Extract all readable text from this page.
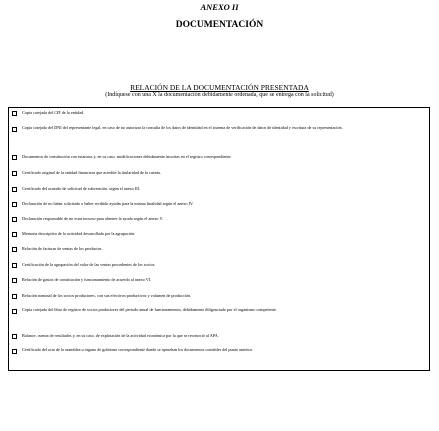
ANEXO II
DOCUMENTACIÓN
RELACIÓN DE LA DOCUMENTACIÓN PRESENTADA
(Indíquese con una X la documentación debidamente ordenada, que se entrega con la solicitud)
Copia cotejada del CIF de la entidad.
Copia cotejada del DNI del representante legal, en caso de no autorizar la consulta de los datos de identidad en el sistema de verificación de datos de identidad y escritura de su representación.
Documentos de constitución con estatutos y, en su caso, modificaciones debidamente inscritas en el registro correspondiente.
Certificado original de la entidad financiera que acredite la titularidad de la cuenta.
Certificado del acuerdo de solicitud de subvención, según el anexo III.
Declaración de no haber solicitado o haber recibido ayudas para la misma finalidad según el anexo IV.
Declaración responsable de no estar incurso para obtener la ayuda según el anexo V.
Memoria descriptiva de la actividad desarrollada por la agrupación.
Relación de facturas de ventas de los productos.
Certificación de la agrupación del valor de las ventas procedentes de los socios.
Relación de gastos de constitución y funcionamiento de acuerdo al anexo VI.
Relación nominal de los socios productores, con sus efectivos productivos y volumen de producción.
Copia cotejada del libro de registro de socios productores del periodo anual de funcionamiento, debidamente diligenciado por el organismo competente.
Balance, cuenta de resultados y, en su caso, de explotación de la actividad económica por la que se reconoció al APA.
Certificado del acta de la asamblea u órgano de gobierno correspondiente donde se aprueban los documentos contables del punto anterior.
